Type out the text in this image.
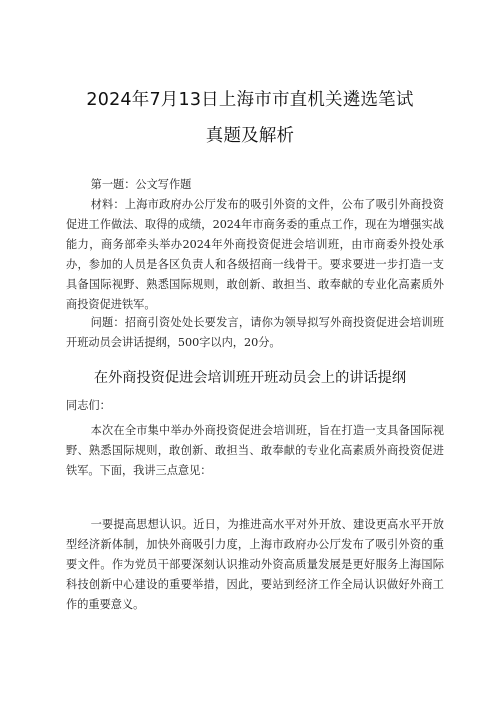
2024年7月13日上海市市直机关遴选笔试
真题及解析
第一题：公文写作题
材料：上海市政府办公厅发布的吸引外资的文件，公布了吸引外商投资促进工作做法、取得的成绩，2024年市商务委的重点工作，现在为增强实战能力，商务部牵头举办2024年外商投资促进会培训班，由市商委外投处承办，参加的人员是各区负责人和各级招商一线骨干。要求要进一步打造一支具备国际视野、熟悉国际规则，敢创新、敢担当、敢奉献的专业化高素质外商投资促进铁军。
问题：招商引资处处长要发言，请你为领导拟写外商投资促进会培训班开班动员会讲话提纲，500字以内，20分。
在外商投资促进会培训班开班动员会上的讲话提纲
同志们：
本次在全市集中举办外商投资促进会培训班，旨在打造一支具备国际视野、熟悉国际规则，敢创新、敢担当、敢奉献的专业化高素质外商投资促进铁军。下面，我讲三点意见：
一要提高思想认识。近日，为推进高水平对外开放、建设更高水平开放型经济新体制，加快外商吸引力度，上海市政府办公厅发布了吸引外资的重要文件。作为党员干部要深刻认识推动外资高质量发展是更好服务上海国际科技创新中心建设的重要举措，因此，要站到经济工作全局认识做好外商工作的重要意义。
